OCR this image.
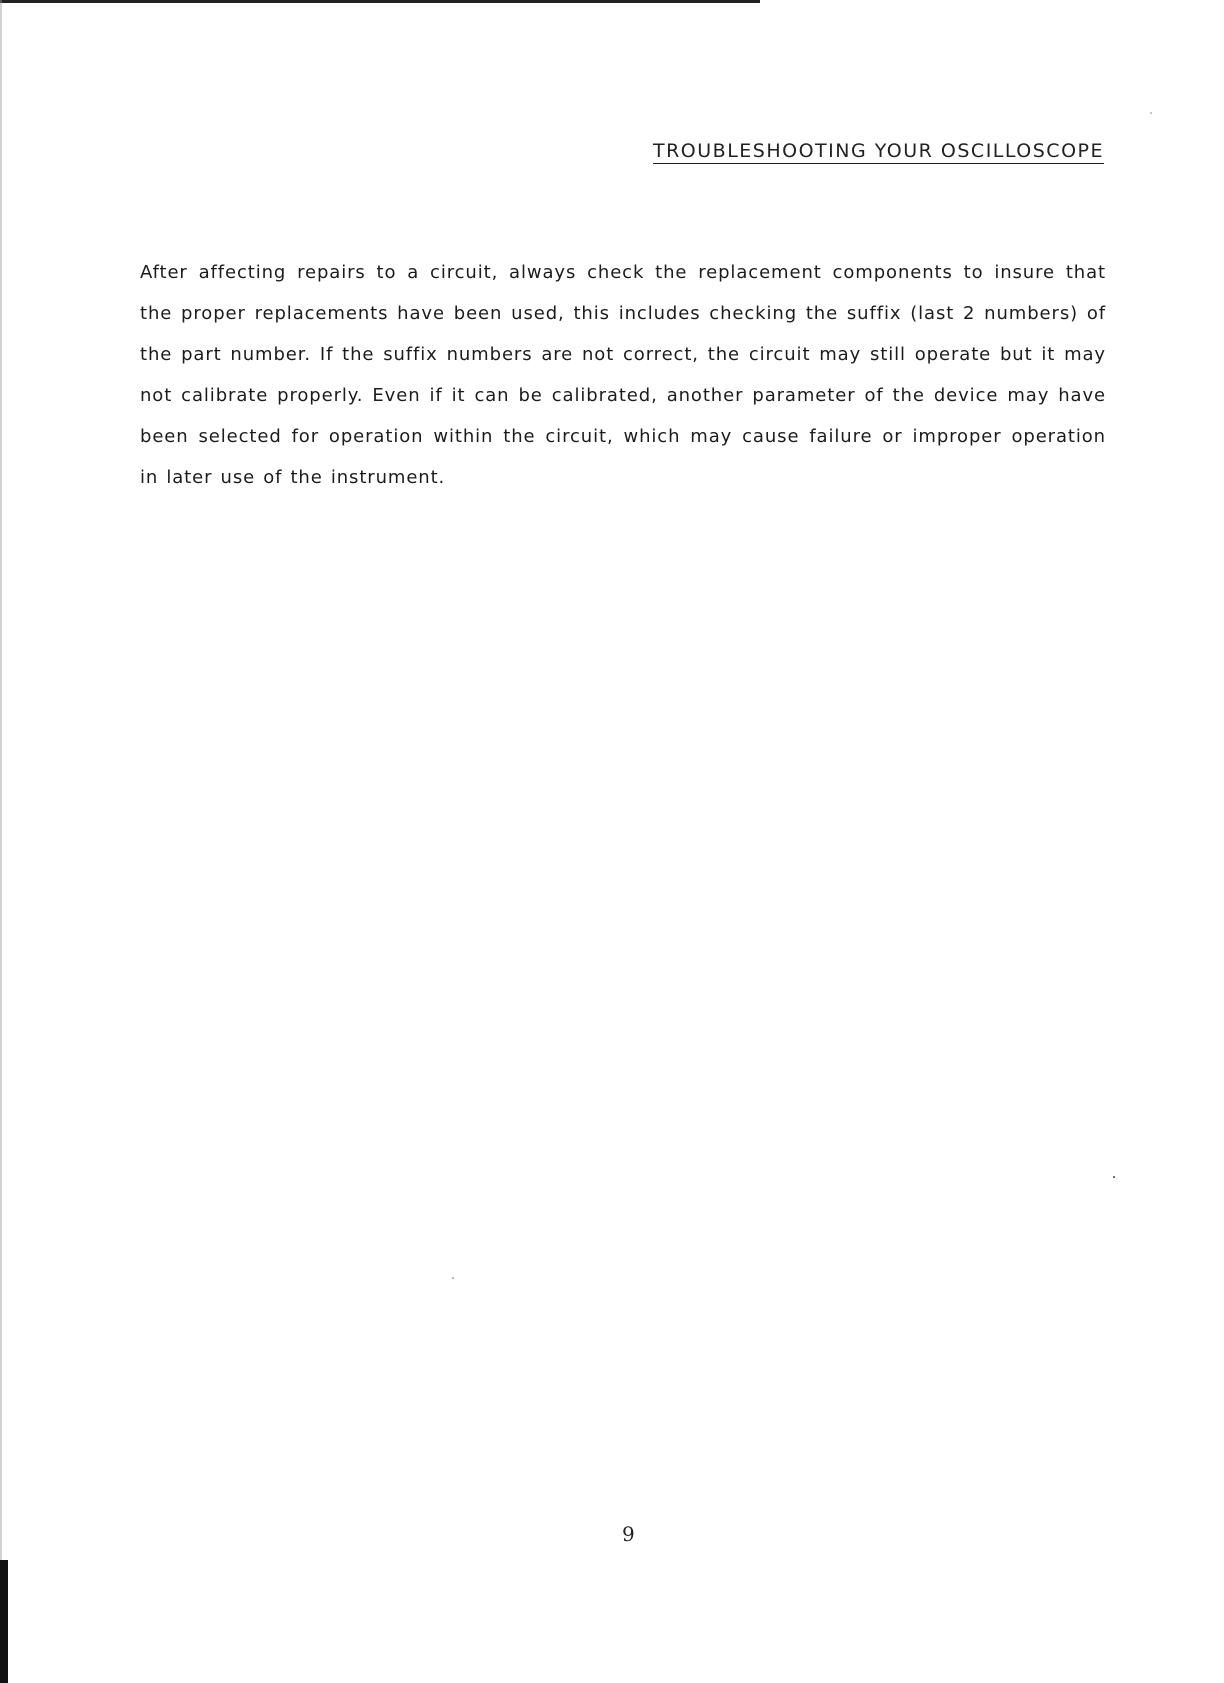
TROUBLESHOOTING YOUR OSCILLOSCOPE

After affecting repairs to a circuit, always check the replacement components to insure that the proper replacements have been used, this includes checking the suffix (last 2 numbers) of the part number. If the suffix numbers are not correct, the circuit may still operate but it may not calibrate properly. Even if it can be calibrated, another parameter of the device may have been selected for operation within the circuit, which may cause failure or improper operation in later use of the instrument.

9
